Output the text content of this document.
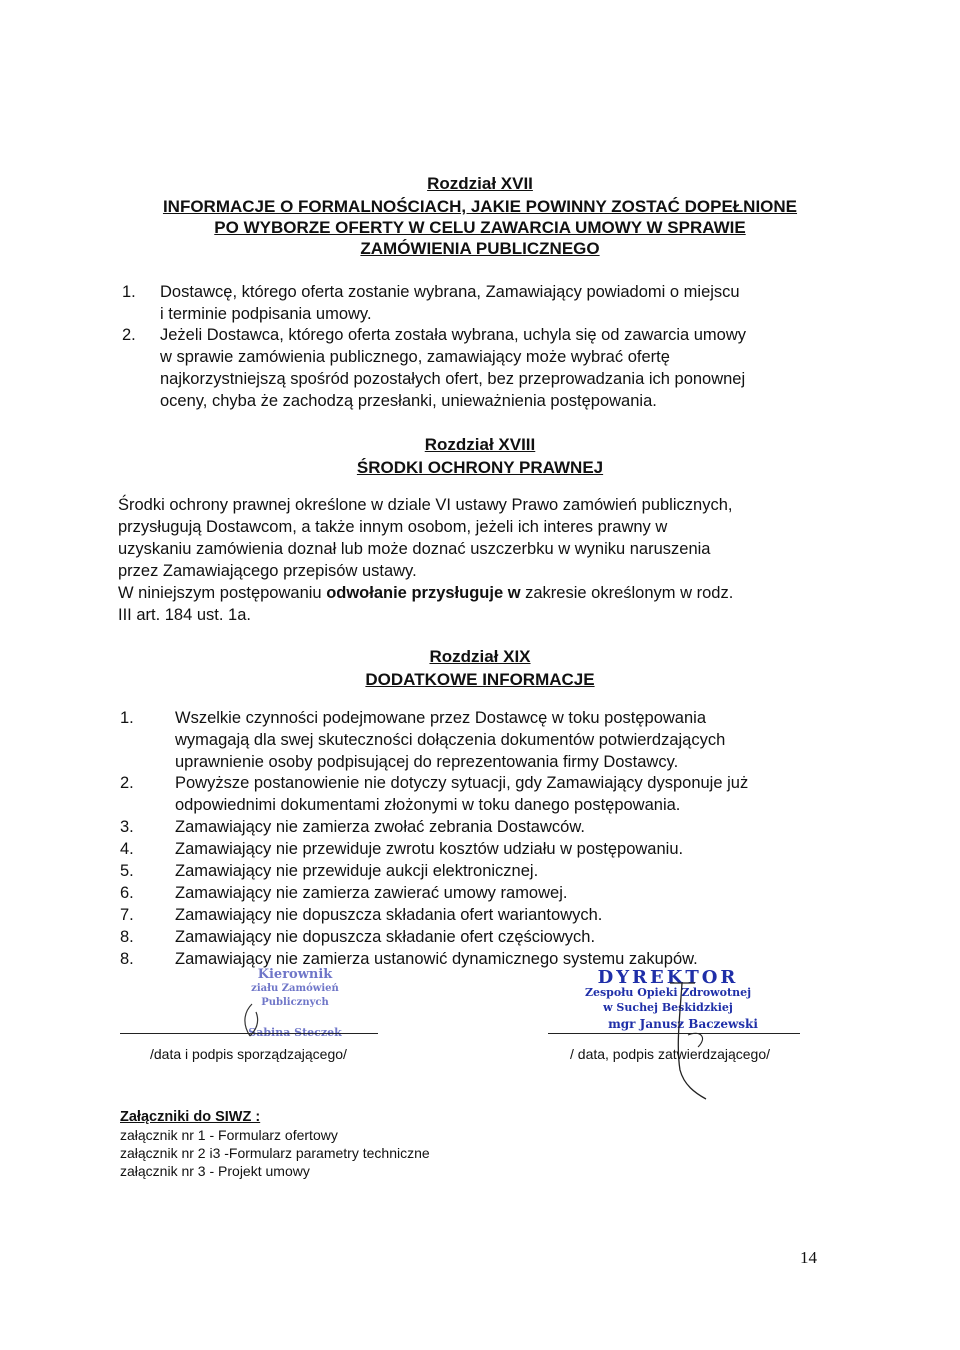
Rozdział XVII
INFORMACJE O FORMALNOŚCIACH, JAKIE POWINNY ZOSTAĆ DOPEŁNIONE
PO WYBORZE OFERTY W CELU ZAWARCIA UMOWY W SPRAWIE
ZAMÓWIENIA PUBLICZNEGO
1. Dostawcę, którego oferta zostanie wybrana, Zamawiający powiadomi o miejscu
i terminie podpisania umowy.
2. Jeżeli Dostawca, którego oferta została wybrana, uchyla się od zawarcia umowy
w sprawie zamówienia publicznego, zamawiający może wybrać ofertę
najkorzystniejszą spośród pozostałych ofert, bez przeprowadzania ich ponownej
oceny, chyba że zachodzą przesłanki, unieważnienia postępowania.
Rozdział XVIII
ŚRODKI OCHRONY PRAWNEJ
Środki ochrony prawnej określone w dziale VI ustawy Prawo zamówień publicznych,
przysługują Dostawcom, a także innym osobom, jeżeli ich interes prawny w
uzyskaniu zamówienia doznał lub może doznać uszczerbku w wyniku naruszenia
przez Zamawiającego przepisów ustawy.
W niniejszym postępowaniu odwołanie przysługuje w zakresie określonym w rodz.
III art. 184 ust. 1a.
Rozdział XIX
DODATKOWE INFORMACJE
1. Wszelkie czynności podejmowane przez Dostawcę w toku postępowania
wymagają dla swej skuteczności dołączenia dokumentów potwierdzających
uprawnienie osoby podpisującej do reprezentowania firmy Dostawcy.
2. Powyższe postanowienie nie dotyczy sytuacji, gdy Zamawiający dysponuje już
odpowiednimi dokumentami złożonymi w toku danego postępowania.
3. Zamawiający nie zamierza zwołać zebrania Dostawców.
4. Zamawiający nie przewiduje zwrotu kosztów udziału w postępowaniu.
5. Zamawiający nie przewiduje aukcji elektronicznej.
6. Zamawiający nie zamierza zawierać umowy ramowej.
7. Zamawiający nie dopuszcza składania ofert wariantowych.
8. Zamawiający nie dopuszcza składanie ofert częściowych.
8. Zamawiający nie zamierza ustanowić dynamicznego systemu zakupów.
Kierownik
ziału Zamówień Publicznych
Sabina Steczek
/data i podpis sporządzającego/
DYREKTOR
Zespołu Opieki Zdrowotnej
w Suchej Beskidzkiej
mgr Janusz Baczewski
/ data, podpis zatwierdzającego/
Załączniki do SIWZ :
załącznik nr 1 - Formularz ofertowy
załącznik nr 2 i3 -Formularz parametry techniczne
załącznik nr 3 - Projekt umowy
14
